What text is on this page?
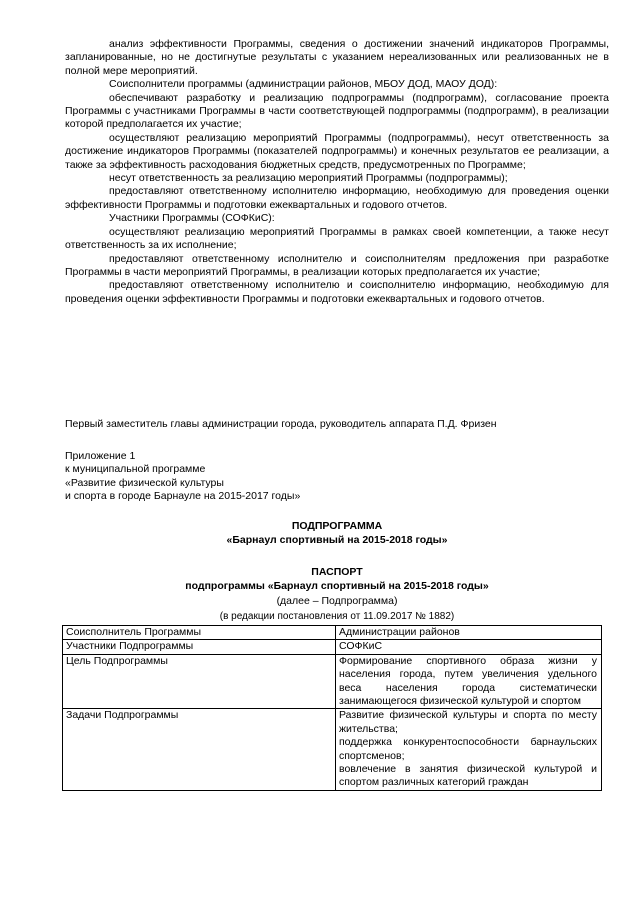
анализ эффективности Программы, сведения о достижении значений индикаторов Программы, запланированные, но не достигнутые результаты с указанием нереализованных или реализованных не в полной мере мероприятий.

Соисполнители программы (администрации районов, МБОУ ДОД, МАОУ ДОД):

обеспечивают разработку и реализацию подпрограммы (подпрограмм), согласование проекта Программы с участниками Программы в части соответствующей подпрограммы (подпрограмм), в реализации которой предполагается их участие;

осуществляют реализацию мероприятий Программы (подпрограммы), несут ответственность за достижение индикаторов Программы (показателей подпрограммы) и конечных результатов ее реализации, а также за эффективность расходования бюджетных средств, предусмотренных по Программе;

несут ответственность за реализацию мероприятий Программы (подпрограммы);

предоставляют ответственному исполнителю информацию, необходимую для проведения оценки эффективности Программы и подготовки ежеквартальных и годового отчетов.

Участники Программы (СОФКиС):

осуществляют реализацию мероприятий Программы в рамках своей компетенции, а также несут ответственность за их исполнение;

предоставляют ответственному исполнителю и соисполнителям предложения при разработке Программы в части мероприятий Программы, в реализации которых предполагается их участие;

предоставляют ответственному исполнителю и соисполнителю информацию, необходимую для проведения оценки эффективности Программы и подготовки ежеквартальных и годового отчетов.

Первый заместитель главы администрации города, руководитель аппарата П.Д. Фризен
Приложение 1
к муниципальной программе
«Развитие физической культуры
и спорта в городе Барнауле на 2015-2017 годы»
ПОДПРОГРАММА
«Барнаул спортивный на 2015-2018 годы»
ПАСПОРТ
подпрограммы «Барнаул спортивный на 2015-2018 годы»
(далее – Подпрограмма)
(в редакции постановления от 11.09.2017 № 1882)
Соисполнитель Программы	Администрации районов
Участники Подпрограммы	СОФКиС
Цель Подпрограммы	Формирование спортивного образа жизни у населения города, путем увеличения удельного веса населения города систематически занимающегося физической культурой и спортом
Задачи Подпрограммы	Развитие физической культуры и спорта по месту жительства;
поддержка конкурентоспособности барнаульских спортсменов;
вовлечение в занятия физической культурой и спортом различных категорий граждан
